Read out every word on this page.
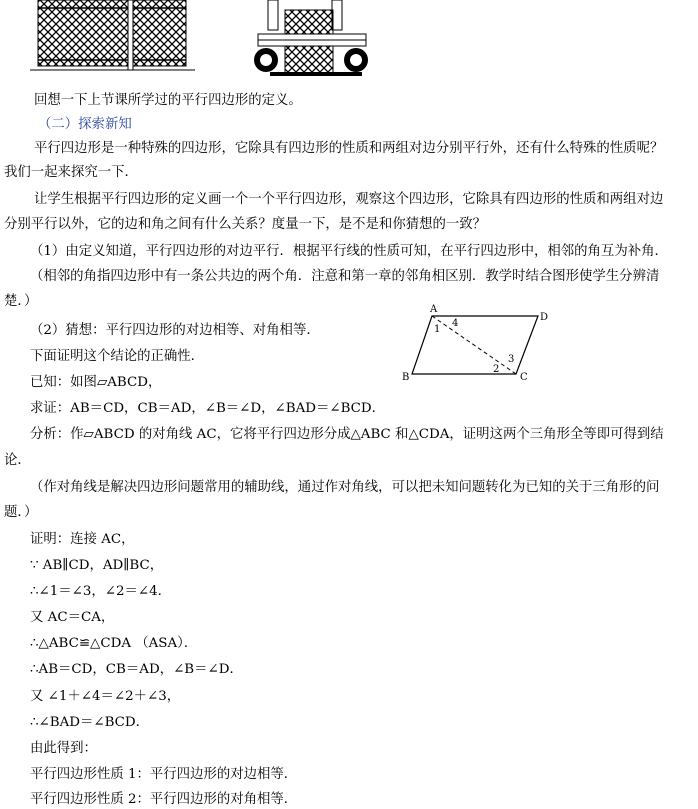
回想一下上节课所学过的平行四边形的定义。
（二）探索新知
平行四边形是一种特殊的四边形，它除具有四边形的性质和两组对边分别平行外，还有什么特殊的性质呢？
我们一起来探究一下．
让学生根据平行四边形的定义画一个一个平行四边形，观察这个四边形，它除具有四边形的性质和两组对边
分别平行以外，它的边和角之间有什么关系？度量一下，是不是和你猜想的一致？
（1）由定义知道，平行四边形的对边平行．根据平行线的性质可知，在平行四边形中，相邻的角互为补角．
（相邻的角指四边形中有一条公共边的两个角．注意和第一章的邻角相区别．教学时结合图形使学生分辨清
楚．）
（2）猜想：平行四边形的对边相等、对角相等．
下面证明这个结论的正确性．
已知：如图▱ABCD，
求证：AB＝CD，CB＝AD，∠B＝∠D，∠BAD＝∠BCD．
分析：作▱ABCD 的对角线 AC，它将平行四边形分成△ABC 和△CDA，证明这两个三角形全等即可得到结
论．
（作对角线是解决四边形问题常用的辅助线，通过作对角线，可以把未知问题转化为已知的关于三角形的问
题．）
证明：连接 AC，
∵ AB∥CD，AD∥BC，
∴∠1＝∠3，∠2＝∠4．
又 AC＝CA，
∴△ABC≌△CDA （ASA）．
∴AB＝CD，CB＝AD，∠B＝∠D．
又 ∠1＋∠4＝∠2＋∠3，
∴∠BAD＝∠BCD．
由此得到：
平行四边形性质 1：平行四边形的对边相等．
平行四边形性质 2：平行四边形的对角相等．
A
D
B	C
1
4
3
2
